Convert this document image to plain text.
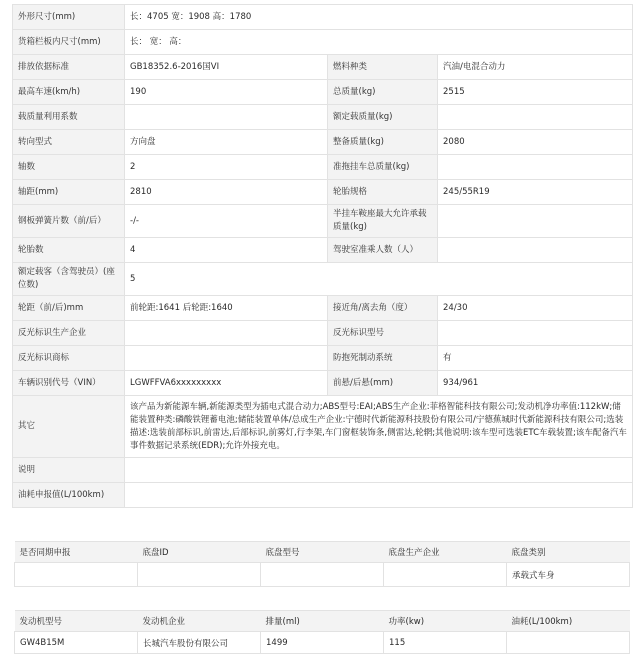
外形尺寸(mm)	长：4705 宽：1908 高：1780		
货箱栏板内尺寸(mm)	长： 宽： 高：		
排放依据标准	GB18352.6-2016国VI	燃料种类	汽油/电混合动力
最高车速(km/h)	190	总质量(kg)	2515
载质量利用系数		额定载质量(kg)	
转向型式	方向盘	整备质量(kg)	2080
轴数	2	准拖挂车总质量(kg)	
轴距(mm)	2810	轮胎规格	245/55R19
钢板弹簧片数（前/后）	-/-	半挂车鞍座最大允许承载质量(kg)	
轮胎数	4	驾驶室准乘人数（人）	
额定载客（含驾驶员）(座位数)	5		
轮距（前/后)mm	前轮距:1641 后轮距:1640	接近角/离去角（度）	24/30
反光标识生产企业		反光标识型号	
反光标识商标		防抱死制动系统	有
车辆识别代号（VIN）	LGWFFVA6xxxxxxxxx	前悬/后悬(mm)	934/961
其它	该产品为新能源车辆,新能源类型为插电式混合动力;ABS型号:EAI;ABS生产企业:菲格智能科技有限公司;发动机净功率值:112kW;储能装置种类:磷酸铁锂蓄电池;储能装置单体/总成生产企业:宁德时代新能源科技股份有限公司/宁德蕉城时代新能源科技有限公司;选装描述:选装前部标识,前雷达,后部标识,前雾灯,行李架,车门窗框装饰条,侧雷达,轮辋;其他说明:该车型可选装ETC车载装置;该车配备汽车事件数据记录系统(EDR);允许外接充电。		
说明			
油耗申报值(L/100km)			
是否同期申报	底盘ID	底盘型号	底盘生产企业	底盘类别
				承载式车身
发动机型号	发动机企业	排量(ml)	功率(kw)	油耗(L/100km)
GW4B15M	长城汽车股份有限公司	1499	115	
